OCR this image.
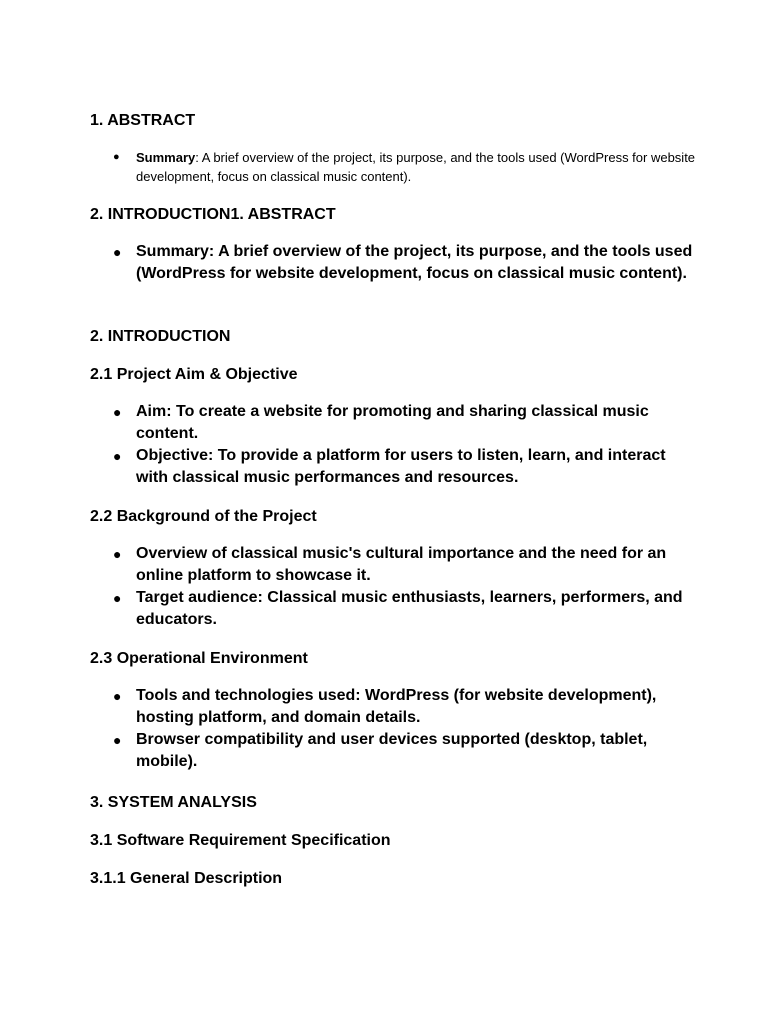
1. ABSTRACT
● Summary: A brief overview of the project, its purpose, and the tools used (WordPress for website development, focus on classical music content).
2. INTRODUCTION1. ABSTRACT
● Summary: A brief overview of the project, its purpose, and the tools used (WordPress for website development, focus on classical music content).
2. INTRODUCTION
2.1 Project Aim & Objective
● Aim: To create a website for promoting and sharing classical music content.
● Objective: To provide a platform for users to listen, learn, and interact with classical music performances and resources.
2.2 Background of the Project
● Overview of classical music's cultural importance and the need for an online platform to showcase it.
● Target audience: Classical music enthusiasts, learners, performers, and educators.
2.3 Operational Environment
● Tools and technologies used: WordPress (for website development), hosting platform, and domain details.
● Browser compatibility and user devices supported (desktop, tablet, mobile).
3. SYSTEM ANALYSIS
3.1 Software Requirement Specification
3.1.1 General Description
